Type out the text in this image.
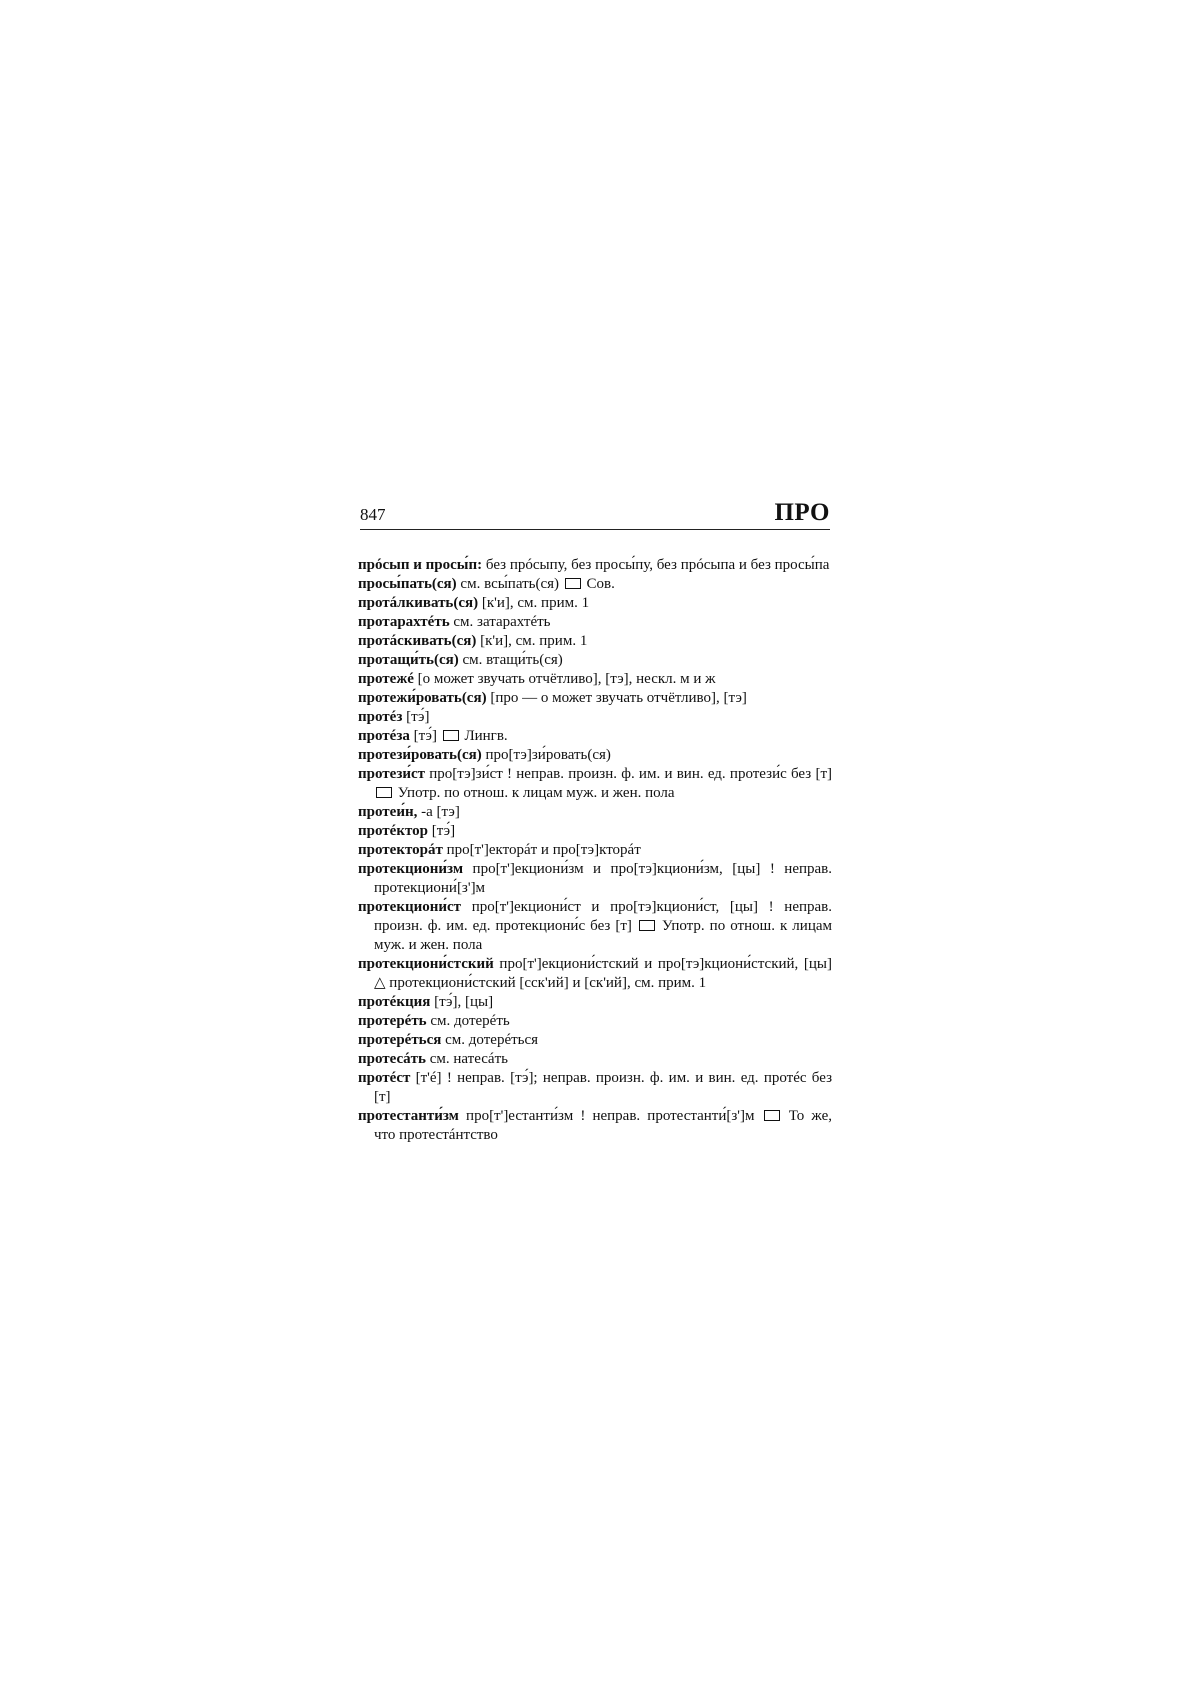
847	ПРО

прóсып и просы́п: без прóсыпу, без просы́пу, без прóсыпа и без просы́па

просы́пать(ся) см. всы́пать(ся)  Сов.

протáлкивать(ся) [к'и], см. прим. 1

протарахтéть см. затарахтéть

протáскивать(ся) [к'и], см. прим. 1

протащи́ть(ся) см. втащи́ть(ся)

протежé [о может звучать отчётливо], [тэ], нескл. м и ж

протежи́ровать(ся) [про — о может звучать отчётливо], [тэ]

протéз [тэ́]

протéза [тэ́]  Лингв.

протези́ровать(ся) про[тэ]зи́ровать(ся)

протези́ст про[тэ]зи́ст ! неправ. произн. ф. им. и вин. ед. протези́с без [т]  Употр. по отнош. к лицам муж. и жен. пола

протеи́н, -а [тэ]

протéктор [тэ́]

протекторáт про[т']екторáт и про[тэ]кторáт

протекциони́зм про[т']екциони́зм и про[тэ]кциони́зм, [цы] ! неправ. протекциони́[з']м

протекциони́ст про[т']екциони́ст и про[тэ]кциони́ст, [цы] ! неправ. произн. ф. им. ед. протекциони́с без [т]  Употр. по отнош. к лицам муж. и жен. пола

протекциони́стский про[т']екциони́стский и про[тэ]кциони́стский, [цы] △ протекциони́стский [сск'ий] и [ск'ий], см. прим. 1

протéкция [тэ́], [цы]

протерéть см. дотерéть

протерéться см. дотерéться

протесáть см. натесáть

протéст [т'é] ! неправ. [тэ́]; неправ. произн. ф. им. и вин. ед. протéс без [т]

протестанти́зм про[т']естанти́зм ! неправ. протестанти́[з']м  То же, что протестáнтство
